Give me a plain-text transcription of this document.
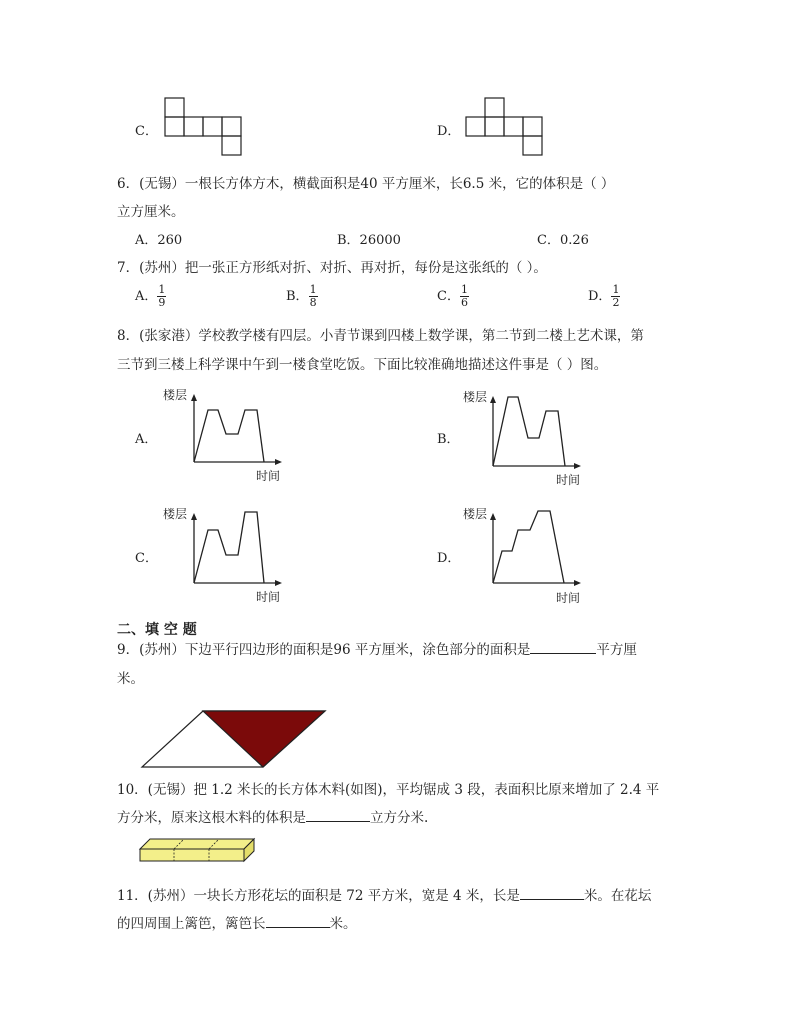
C．	D．
6．(无锡）一根长方体方木，横截面积是40 平方厘米，长6.5 米，它的体积是（ ）
立方厘米。
A．260	B．26000	C．0.26
7．(苏州）把一张正方形纸对折、对折、再对折，每份是这张纸的（ ）。
A． $\frac{1}{9}$	B． $\frac{1}{8}$	C． $\frac{1}{6}$	D． $\frac{1}{2}$
8．(张家港）学校教学楼有四层。小青节课到四楼上数学课，第二节到二楼上艺术课，第
三节到三楼上科学课中午到一楼食堂吃饭。下面比较准确地描述这件事是（ ）图。
A．
楼层
时间
B．
楼层
时间
C．
楼层
时间
D．
楼层
时间
二、填 空 题
9．(苏州）下边平行四边形的面积是96 平方厘米，涂色部分的面积是	平方厘
米。
10．(无锡）把 1.2 米长的长方体木料(如图)，平均锯成 3 段，表面积比原来增加了 2.4 平
方分米，原来这根木料的体积是	立方分米.
11．(苏州）一块长方形花坛的面积是 72 平方米，宽是 4 米，长是	米。在花坛
的四周围上篱笆，篱笆长	米。
